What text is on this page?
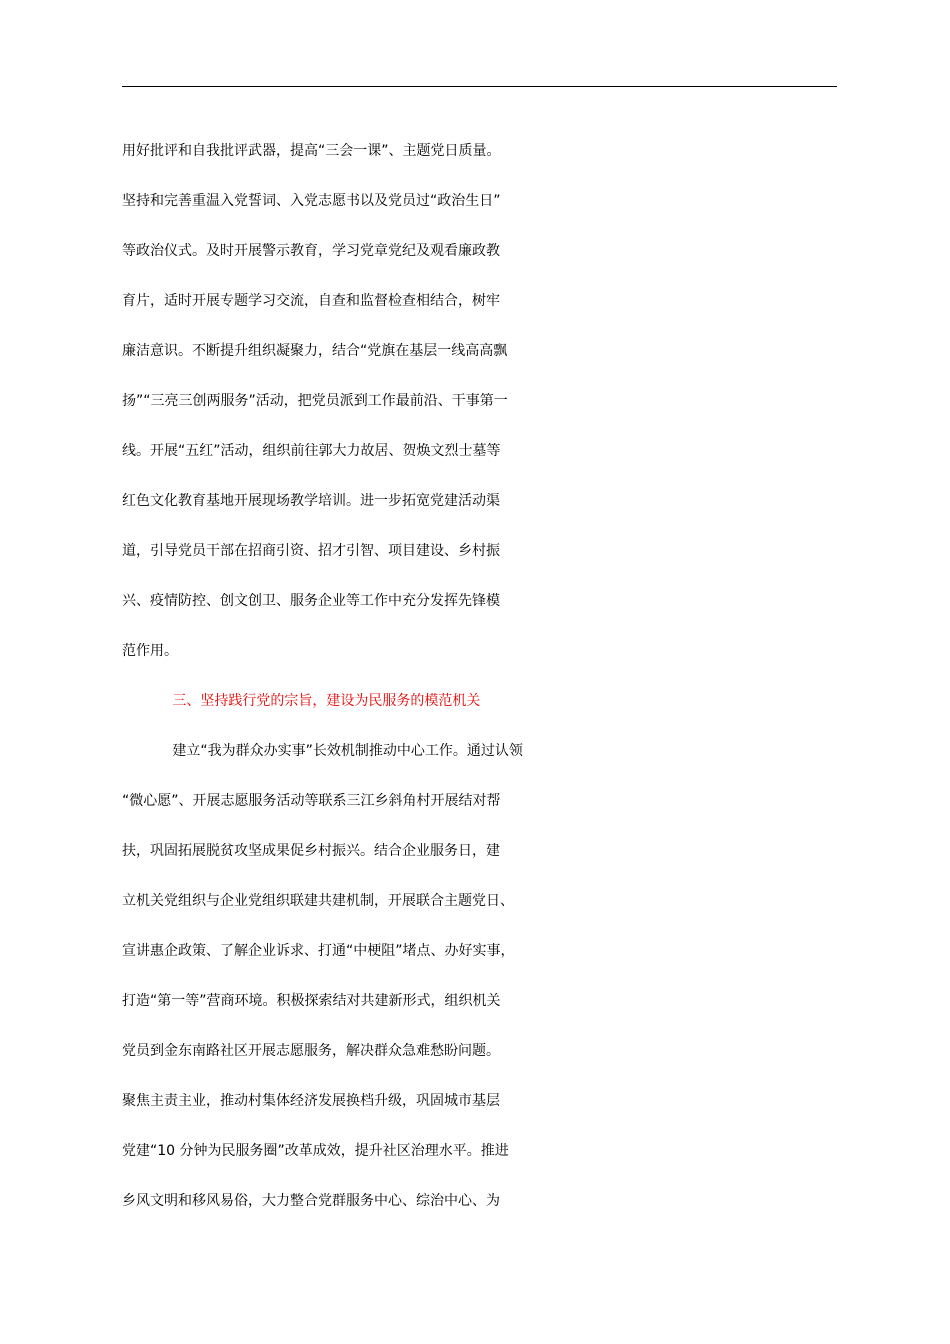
用好批评和自我批评武器，提高“三会一课”、主题党日质量。
坚持和完善重温入党誓词、入党志愿书以及党员过“政治生日”
等政治仪式。及时开展警示教育，学习党章党纪及观看廉政教
育片，适时开展专题学习交流，自查和监督检查相结合，树牢
廉洁意识。不断提升组织凝聚力，结合“党旗在基层一线高高飘
扬”“三亮三创两服务”活动，把党员派到工作最前沿、干事第一
线。开展“五红”活动，组织前往郭大力故居、贺焕文烈士墓等
红色文化教育基地开展现场教学培训。进一步拓宽党建活动渠
道，引导党员干部在招商引资、招才引智、项目建设、乡村振
兴、疫情防控、创文创卫、服务企业等工作中充分发挥先锋模
范作用。
三、坚持践行党的宗旨，建设为民服务的模范机关
建立“我为群众办实事”长效机制推动中心工作。通过认领
“微心愿”、开展志愿服务活动等联系三江乡斜角村开展结对帮
扶，巩固拓展脱贫攻坚成果促乡村振兴。结合企业服务日，建
立机关党组织与企业党组织联建共建机制，开展联合主题党日、
宣讲惠企政策、了解企业诉求、打通“中梗阻”堵点、办好实事，
打造“第一等”营商环境。积极探索结对共建新形式，组织机关
党员到金东南路社区开展志愿服务，解决群众急难愁盼问题。
聚焦主责主业，推动村集体经济发展换档升级，巩固城市基层
党建“10 分钟为民服务圈”改革成效，提升社区治理水平。推进
乡风文明和移风易俗，大力整合党群服务中心、综治中心、为
